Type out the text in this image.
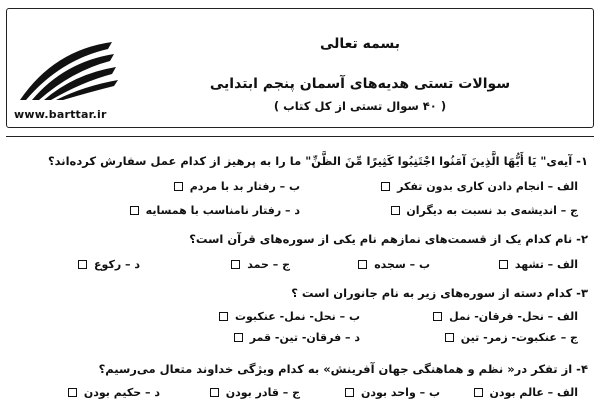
www.barttar.ir
بسمه تعالی
سوالات تستی هدیه‌های آسمان پنجم ابتدایی
( ۴۰ سوال تستی از کل کتاب )
۱- آیه‌ی" يَا أَيُّهَا الَّذِينَ آمَنُوا اجْتَنِبُوا كَثِيرًا مِّنَ الظَّنِّ" ما را به پرهیز از کدام عمل سفارش کرده‌اند؟
الف – انجام دادن کاری بدون تفکر
ب – رفتار بد با مردم
ج – اندیشه‌ی بد نسبت به دیگران
د – رفتار نامناسب با همسایه
۲- نام کدام یک از قسمت‌های نمازهم نام یکی از سوره‌های قرآن است؟
الف – تشهد
ب – سجده
ج – حمد
د – رکوع
۳- کدام دسته از سوره‌های زیر به نام جانوران است ؟
الف – نحل- فرقان- نمل
ب – نحل- نمل- عنکبوت
ج – عنکبوت- زمر- تین
د – فرقان- تین- قمر
۴- از تفکر در« نظم و هماهنگی جهان آفرینش» به کدام ویژگی خداوند متعال می‌رسیم؟
الف – عالم بودن
ب – واحد بودن
ج – قادر بودن
د – حکیم بودن
